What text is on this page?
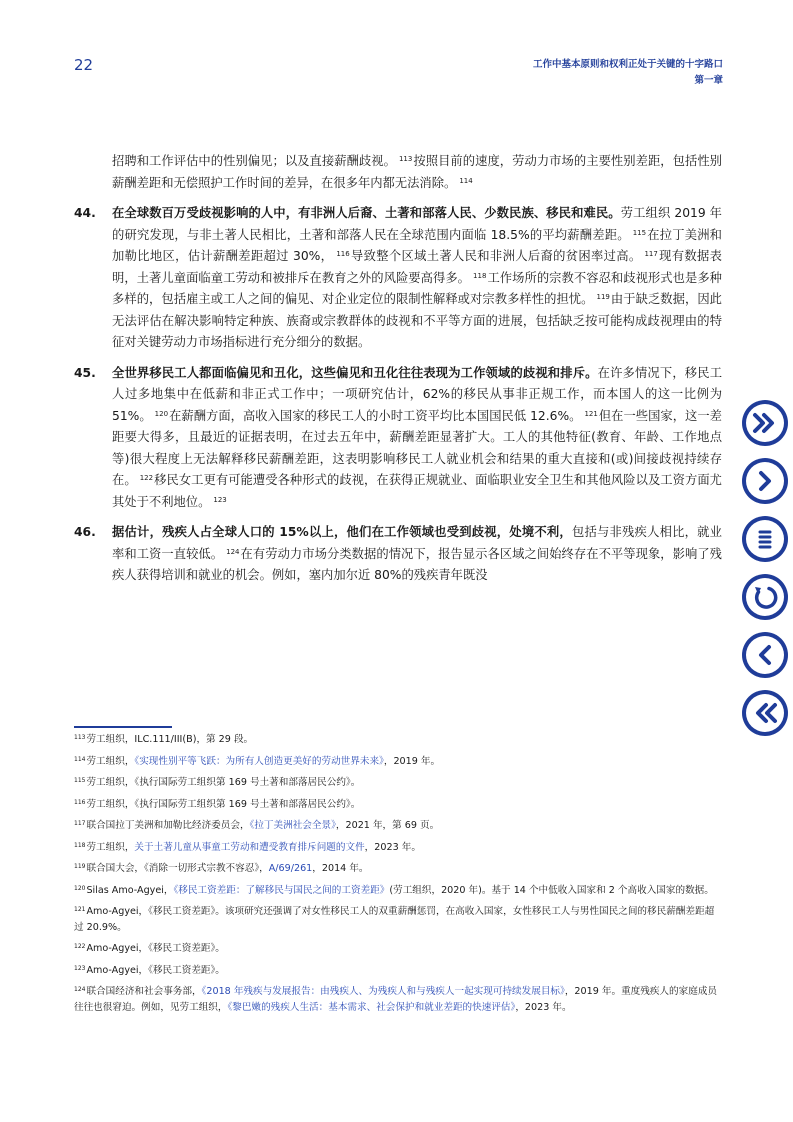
22	工作中基本原则和权利正处于关键的十字路口
第一章
招聘和工作评估中的性别偏见；以及直接薪酬歧视。 $^{113}$按照目前的速度，劳动力市场的主要性别差距，包括性别薪酬差距和无偿照护工作时间的差异，在很多年内都无法消除。 $^{114}$
44.	在全球数百万受歧视影响的人中，有非洲人后裔、土著和部落人民、少数民族、移民和难民。劳工组织 2019 年的研究发现，与非土著人民相比，土著和部落人民在全球范围内面临 18.5%的平均薪酬差距。 $^{115}$在拉丁美洲和加勒比地区，估计薪酬差距超过 30%， $^{116}$导致整个区域土著人民和非洲人后裔的贫困率过高。 $^{117}$现有数据表明，土著儿童面临童工劳动和被排斥在教育之外的风险要高得多。 $^{118}$工作场所的宗教不容忍和歧视形式也是多种多样的，包括雇主或工人之间的偏见、对企业定位的限制性解释或对宗教多样性的担忧。 $^{119}$由于缺乏数据，因此无法评估在解决影响特定种族、族裔或宗教群体的歧视和不平等方面的进展，包括缺乏按可能构成歧视理由的特征对关键劳动力市场指标进行充分细分的数据。
45.	全世界移民工人都面临偏见和丑化，这些偏见和丑化往往表现为工作领域的歧视和排斥。在许多情况下，移民工人过多地集中在低薪和非正式工作中；一项研究估计，62%的移民从事非正规工作，而本国人的这一比例为 51%。 $^{120}$在薪酬方面，高收入国家的移民工人的小时工资平均比本国国民低 12.6%。 $^{121}$但在一些国家，这一差距要大得多，且最近的证据表明，在过去五年中，薪酬差距显著扩大。工人的其他特征(教育、年龄、工作地点等)很大程度上无法解释移民薪酬差距，这表明影响移民工人就业机会和结果的重大直接和(或)间接歧视持续存在。 $^{122}$移民女工更有可能遭受各种形式的歧视，在获得正规就业、面临职业安全卫生和其他风险以及工资方面尤其处于不利地位。 $^{123}$
46.	据估计，残疾人占全球人口的 15%以上，他们在工作领域也受到歧视，处境不利，包括与非残疾人相比，就业率和工资一直较低。 $^{124}$在有劳动力市场分类数据的情况下，报告显示各区域之间始终存在不平等现象，影响了残疾人获得培训和就业的机会。例如，塞内加尔近 80%的残疾青年既没
$^{113}$劳工组织，ILC.111/III(B)，第 29 段。
$^{114}$劳工组织，《实现性别平等飞跃：为所有人创造更美好的劳动世界未来》，2019 年。
$^{115}$劳工组织，《执行国际劳工组织第 169 号土著和部落居民公约》。
$^{116}$劳工组织，《执行国际劳工组织第 169 号土著和部落居民公约》。
$^{117}$联合国拉丁美洲和加勒比经济委员会，《拉丁美洲社会全景》，2021 年，第 69 页。
$^{118}$劳工组织，关于土著儿童从事童工劳动和遭受教育排斥问题的文件，2023 年。
$^{119}$联合国大会，《消除一切形式宗教不容忍》，A/69/261，2014 年。
$^{120}$Silas Amo-Agyei，《移民工资差距：了解移民与国民之间的工资差距》(劳工组织，2020 年)。基于 14 个中低收入国家和 2 个高收入国家的数据。
$^{121}$Amo-Agyei，《移民工资差距》。该项研究还强调了对女性移民工人的双重薪酬惩罚，在高收入国家，女性移民工人与男性国民之间的移民薪酬差距超过 20.9%。
$^{122}$Amo-Agyei，《移民工资差距》。
$^{123}$Amo-Agyei，《移民工资差距》。
$^{124}$联合国经济和社会事务部，《2018 年残疾与发展报告：由残疾人、为残疾人和与残疾人一起实现可持续发展目标》，2019 年。重度残疾人的家庭成员往往也很窘迫。例如，见劳工组织，《黎巴嫩的残疾人生活：基本需求、社会保护和就业差距的快速评估》，2023 年。
